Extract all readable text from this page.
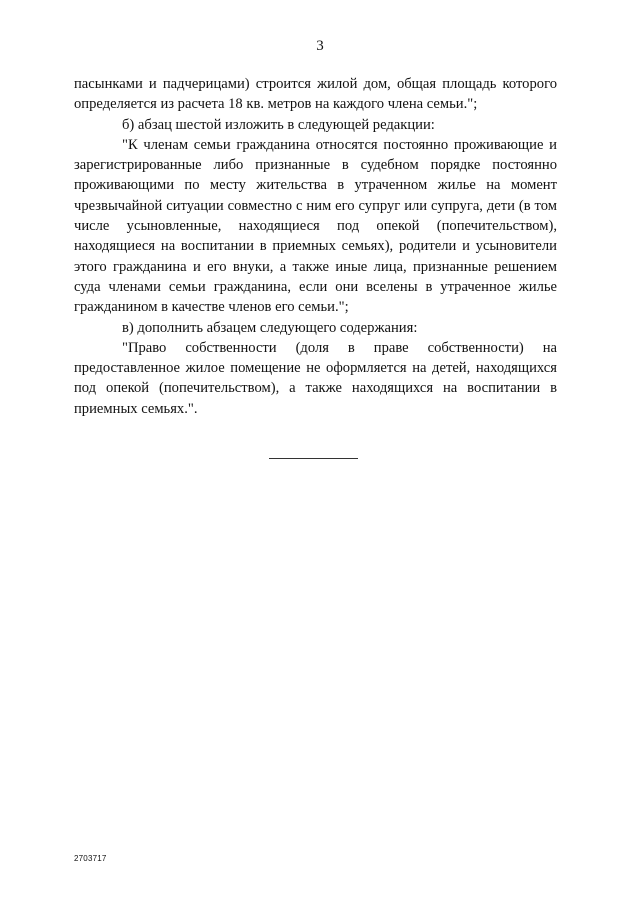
3

пасынками и падчерицами) строится жилой дом, общая площадь которого определяется из расчета 18 кв. метров на каждого члена семьи.";

б) абзац шестой изложить в следующей редакции:

"К членам семьи гражданина относятся постоянно проживающие и зарегистрированные либо признанные в судебном порядке постоянно проживающими по месту жительства в утраченном жилье на момент чрезвычайной ситуации совместно с ним его супруг или супруга, дети (в том числе усыновленные, находящиеся под опекой (попечительством), находящиеся на воспитании в приемных семьях), родители и усыновители этого гражданина и его внуки, а также иные лица, признанные решением суда членами семьи гражданина, если они вселены в утраченное жилье гражданином в качестве членов его семьи.";

в) дополнить абзацем следующего содержания:

"Право собственности (доля в праве собственности) на предоставленное жилое помещение не оформляется на детей, находящихся под опекой (попечительством), а также находящихся на воспитании в приемных семьях.".

2703717
